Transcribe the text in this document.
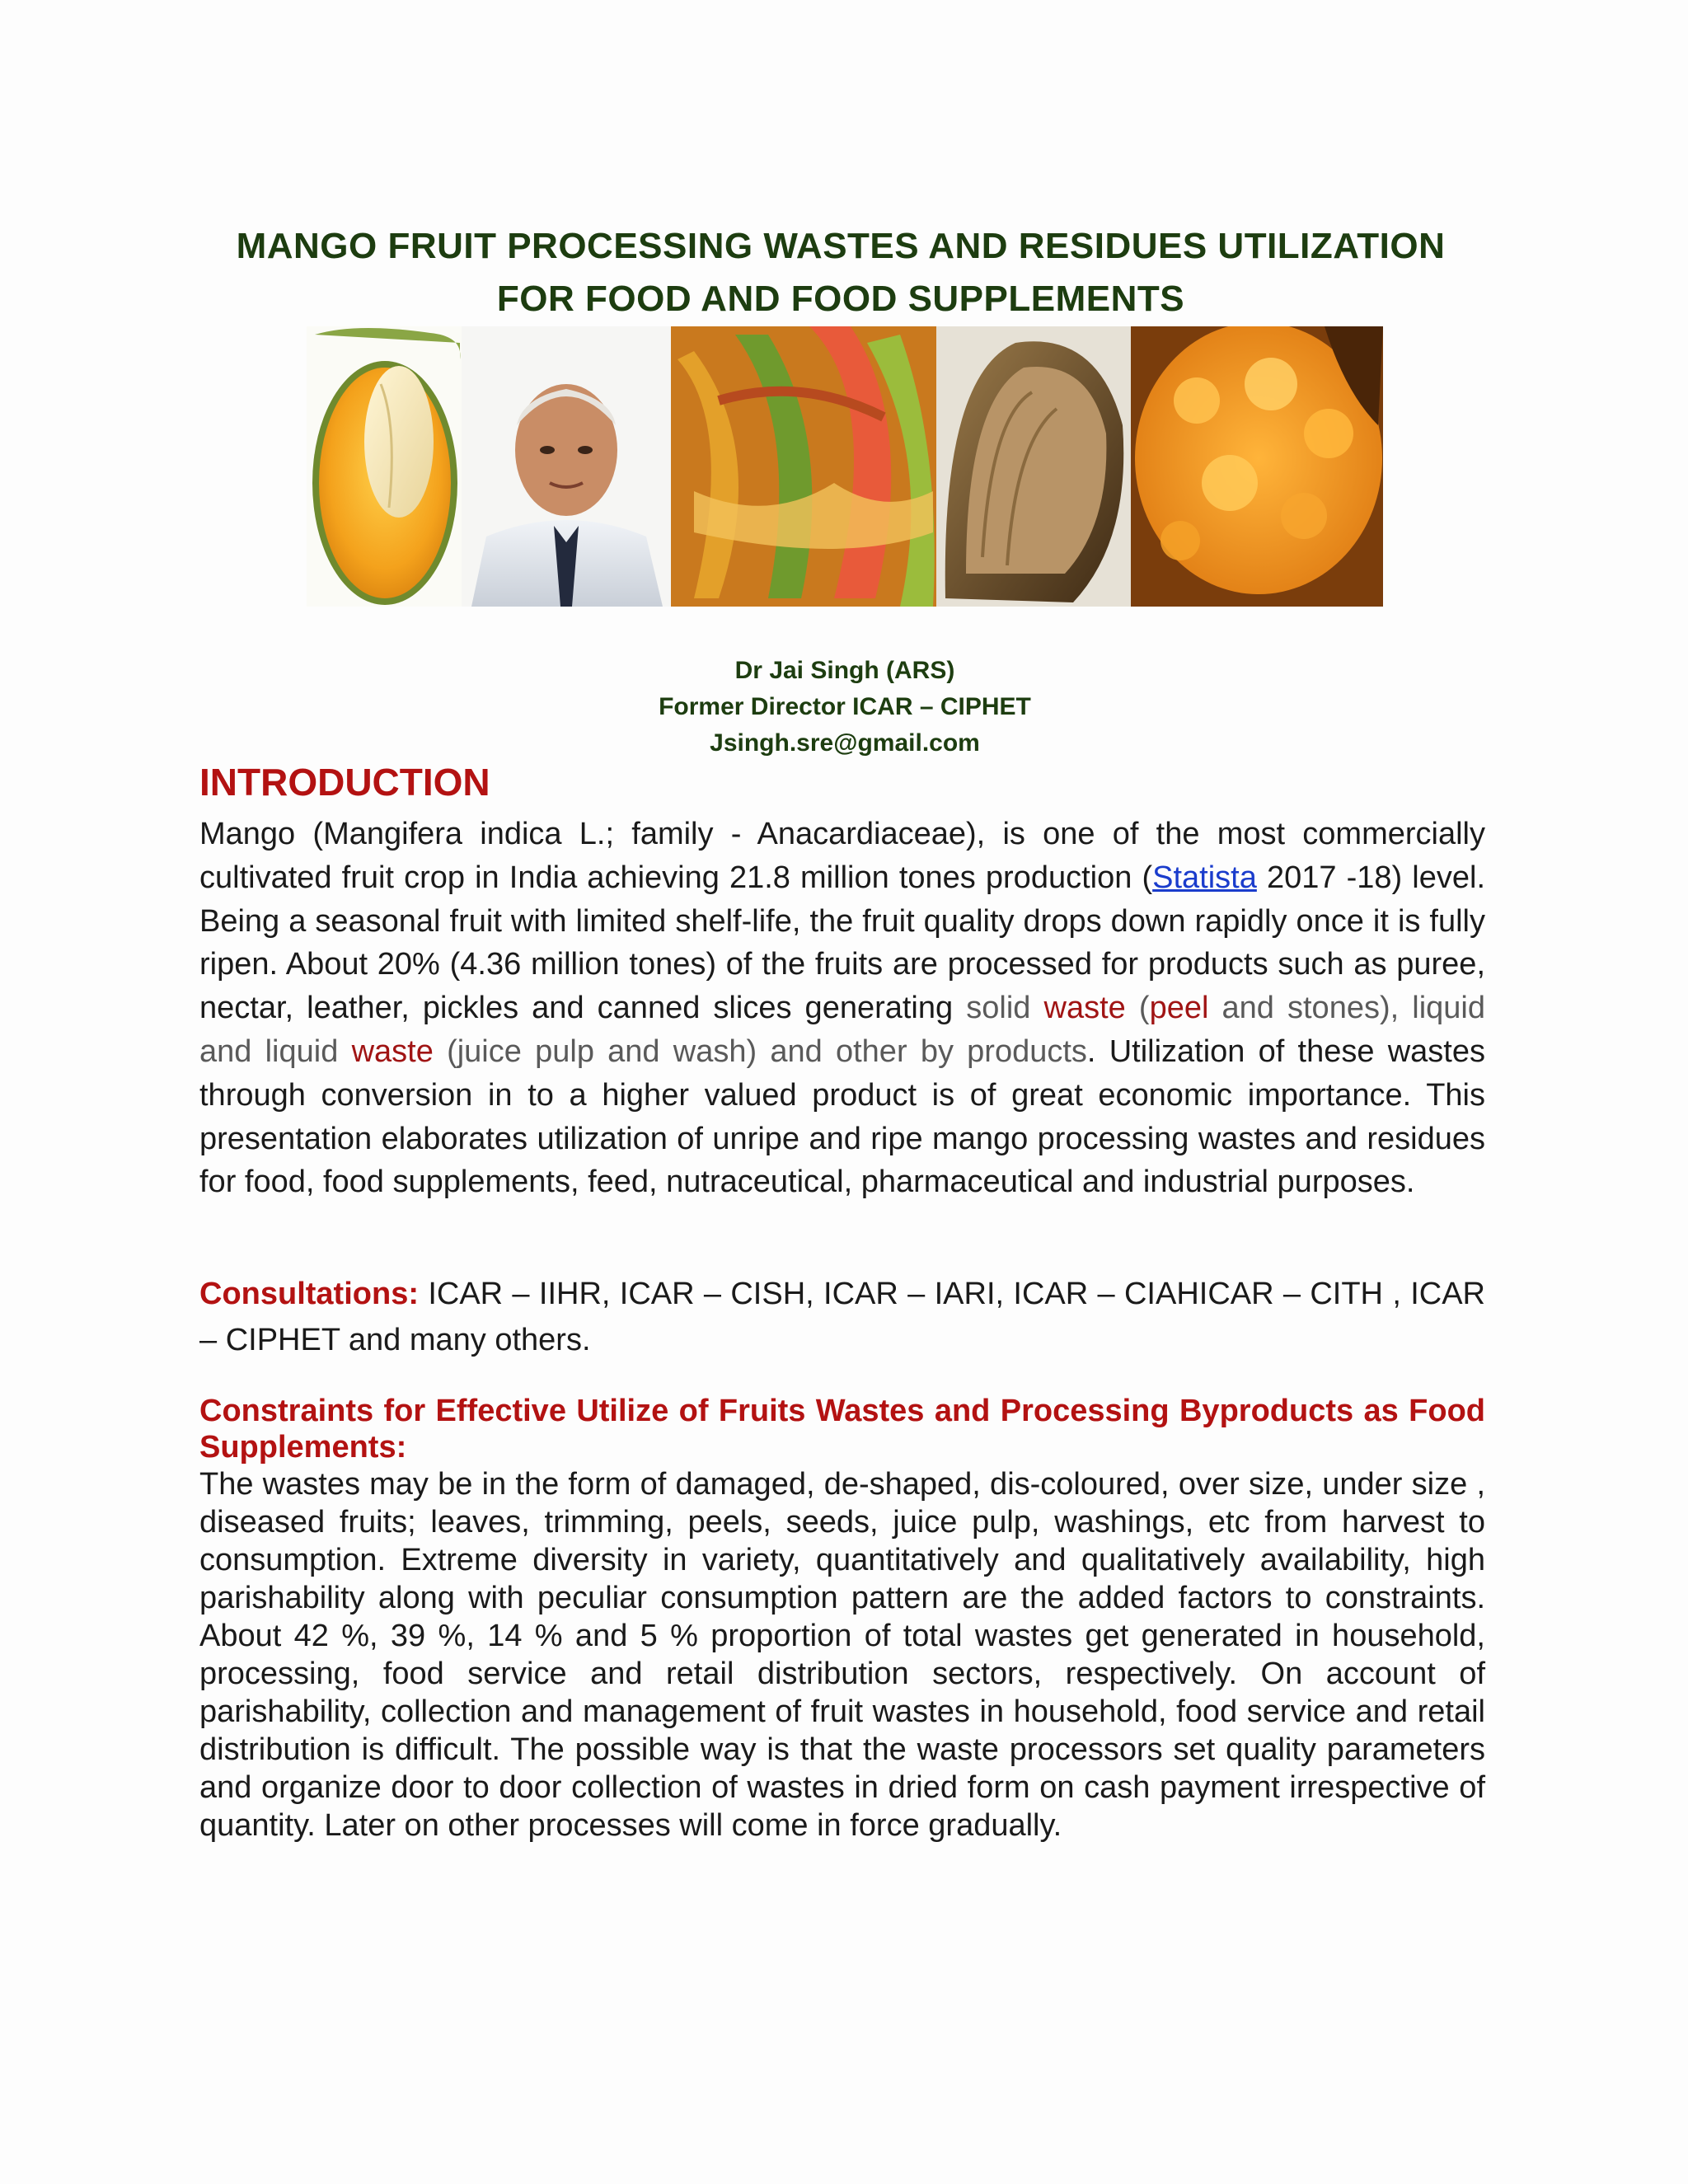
MANGO FRUIT PROCESSING WASTES AND RESIDUES UTILIZATION
FOR FOOD AND FOOD SUPPLEMENTS
Dr Jai Singh (ARS)
Former Director ICAR – CIPHET
Jsingh.sre@gmail.com
INTRODUCTION

Mango (Mangifera indica L.; family - Anacardiaceae), is one of the most commercially cultivated fruit crop in India achieving 21.8 million tones production (Statista 2017 -18) level. Being a seasonal fruit with limited shelf-life, the fruit quality drops down rapidly once it is fully ripen. About 20% (4.36 million tones) of the fruits are processed for products such as puree, nectar, leather, pickles and canned slices generating solid waste (peel and stones), liquid and liquid waste (juice pulp and wash) and other by products. Utilization of these wastes through conversion in to a higher valued product is of great economic importance. This presentation elaborates utilization of unripe and ripe mango processing wastes and residues for food, food supplements, feed, nutraceutical, pharmaceutical and industrial purposes.

Consultations: ICAR – IIHR, ICAR – CISH, ICAR – IARI, ICAR – CIAHICAR – CITH , ICAR – CIPHET and many others.

Constraints for Effective Utilize of Fruits Wastes and Processing Byproducts as Food Supplements:

The wastes may be in the form of damaged, de-shaped, dis-coloured, over size, under size , diseased fruits; leaves, trimming, peels, seeds, juice pulp, washings, etc from harvest to consumption. Extreme diversity in variety, quantitatively and qualitatively availability, high parishability along with peculiar consumption pattern are the added factors to constraints. About 42 %, 39 %, 14 % and 5 % proportion of total wastes get generated in household, processing, food service and retail distribution sectors, respectively. On account of parishability, collection and management of fruit wastes in household, food service and retail distribution is difficult. The possible way is that the waste processors set quality parameters and organize door to door collection of wastes in dried form on cash payment irrespective of quantity. Later on other processes will come in force gradually.
